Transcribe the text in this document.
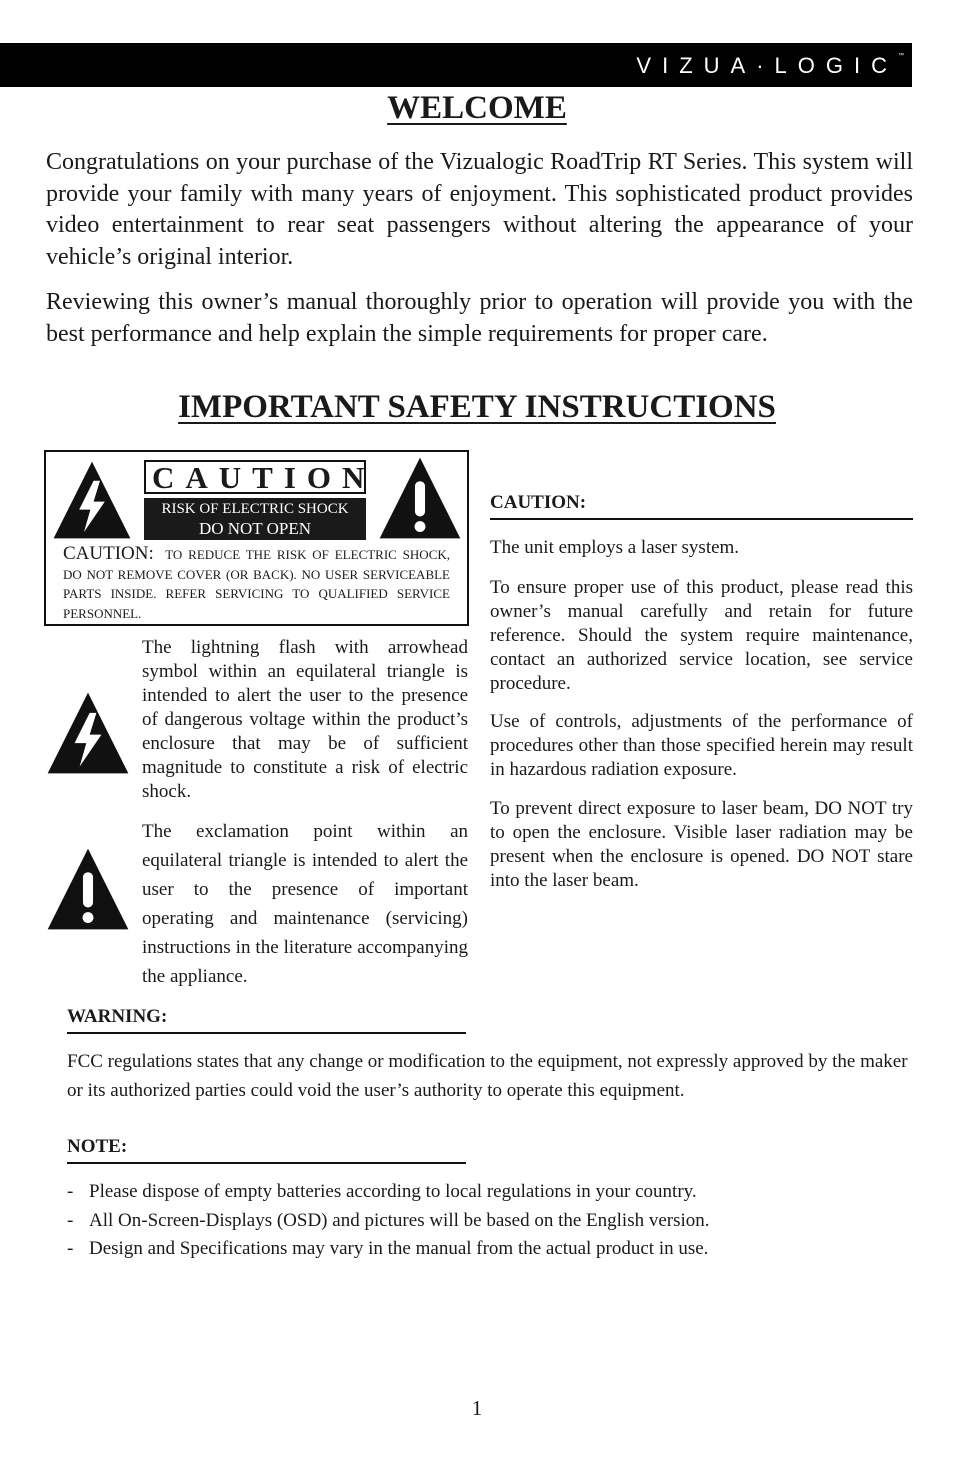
VIZUA·LOGIC™
WELCOME

Congratulations on your purchase of the Vizualogic RoadTrip RT Series. This system will provide your family with many years of enjoyment. This sophisticated product provides video entertainment to rear seat passengers without altering the appearance of your vehicle’s original interior.

Reviewing this owner’s manual thoroughly prior to operation will provide you with the best performance and help explain the simple requirements for proper care.

IMPORTANT SAFETY INSTRUCTIONS
CAUTION
RISK OF ELECTRIC SHOCK
DO NOT OPEN

CAUTION: TO REDUCE THE RISK OF ELECTRIC SHOCK, DO NOT REMOVE COVER (OR BACK). NO USER SERVICEABLE PARTS INSIDE. REFER SERVICING TO QUALIFIED SERVICE PERSONNEL.

The lightning flash with arrowhead symbol within an equilateral triangle is intended to alert the user to the presence of dangerous voltage within the product’s enclosure that may be of sufficient magnitude to constitute a risk of electric shock.

The exclamation point within an equilateral triangle is intended to alert the user to the presence of important operating and maintenance (servicing) instructions in the literature accompanying the appliance.

CAUTION:

The unit employs a laser system.

To ensure proper use of this product, please read this owner’s manual carefully and retain for future reference. Should the system require maintenance, contact an authorized service location, see service procedure.

Use of controls, adjustments of the performance of procedures other than those specified herein may result in hazardous radiation exposure.

To prevent direct exposure to laser beam, DO NOT try to open the enclosure. Visible laser radiation may be present when the enclosure is opened. DO NOT stare into the laser beam.

WARNING:

FCC regulations states that any change or modification to the equipment, not expressly approved by the maker or its authorized parties could void the user’s authority to operate this equipment.

NOTE:
- Please dispose of empty batteries according to local regulations in your country.
- All On-Screen-Displays (OSD) and pictures will be based on the English version.
- Design and Specifications may vary in the manual from the actual product in use.
1
